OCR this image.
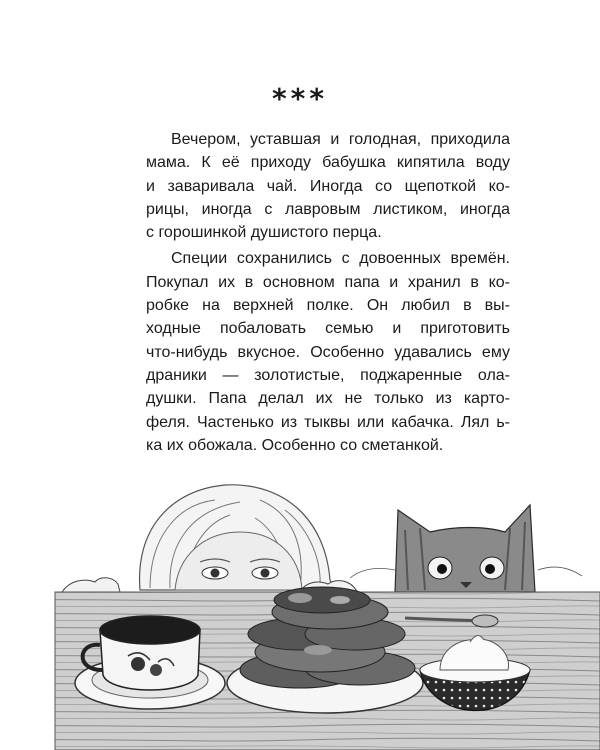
***
Вечером, уставшая и голодная, приходила
мама. К её приходу бабушка кипятила воду
и заваривала чай. Иногда со щепоткой ко-
рицы, иногда с лавровым листиком, иногда
с горошинкой душистого перца.
Специи сохранились с довоенных времён.
Покупал их в основном папа и хранил в ко-
робке на верхней полке. Он любил в вы-
ходные побаловать семью и приготовить
что-нибудь вкусное. Особенно удавались ему
драники — золотистые, поджаренные ола-
душки. Папа делал их не только из карто-
феля. Частенько из тыквы или кабачка. Лял ь-
ка их обожала. Особенно со сметанкой.
